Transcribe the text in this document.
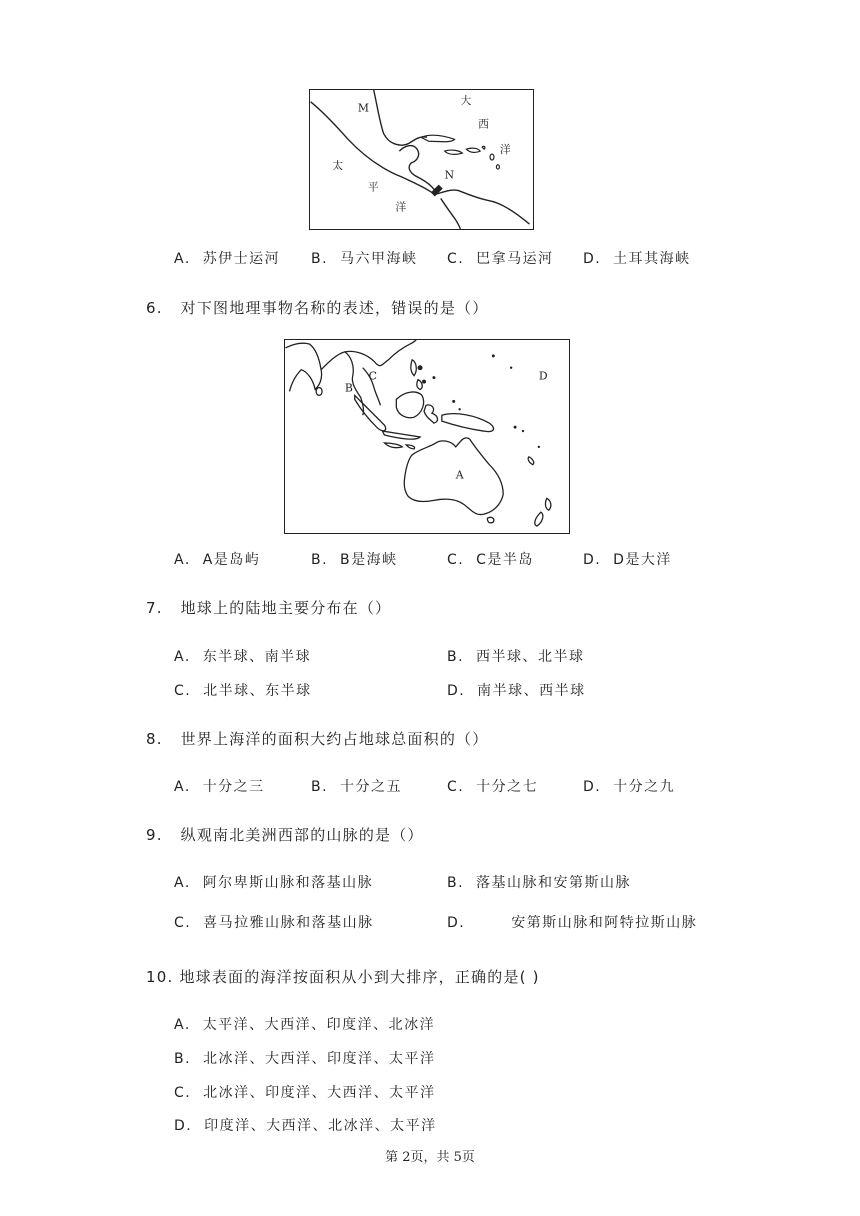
M
大
西
洋
太
平
洋
N
A. 苏伊士运河 B. 马六甲海峡 C. 巴拿马运河 D. 土耳其海峡
6. 对下图地理事物名称的表述，错误的是（）
C
B
D
A
A. A是岛屿	B. B是海峡	C. C是半岛	D. D是大洋
7. 地球上的陆地主要分布在（）
A. 东半球、南半球	B. 西半球、北半球
C. 北半球、东半球	D. 南半球、西半球
8. 世界上海洋的面积大约占地球总面积的（）
A. 十分之三	B. 十分之五	C. 十分之七	D. 十分之九
9. 纵观南北美洲西部的山脉的是（）
A. 阿尔卑斯山脉和落基山脉	B. 落基山脉和安第斯山脉
C. 喜马拉雅山脉和落基山脉	D.	安第斯山脉和阿特拉斯山脉
10. 地球表面的海洋按面积从小到大排序，正确的是( )
A. 太平洋、大西洋、印度洋、北冰洋
B. 北冰洋、大西洋、印度洋、太平洋
C. 北冰洋、印度洋、大西洋、太平洋
D. 印度洋、大西洋、北冰洋、太平洋
第 2页，共 5页
